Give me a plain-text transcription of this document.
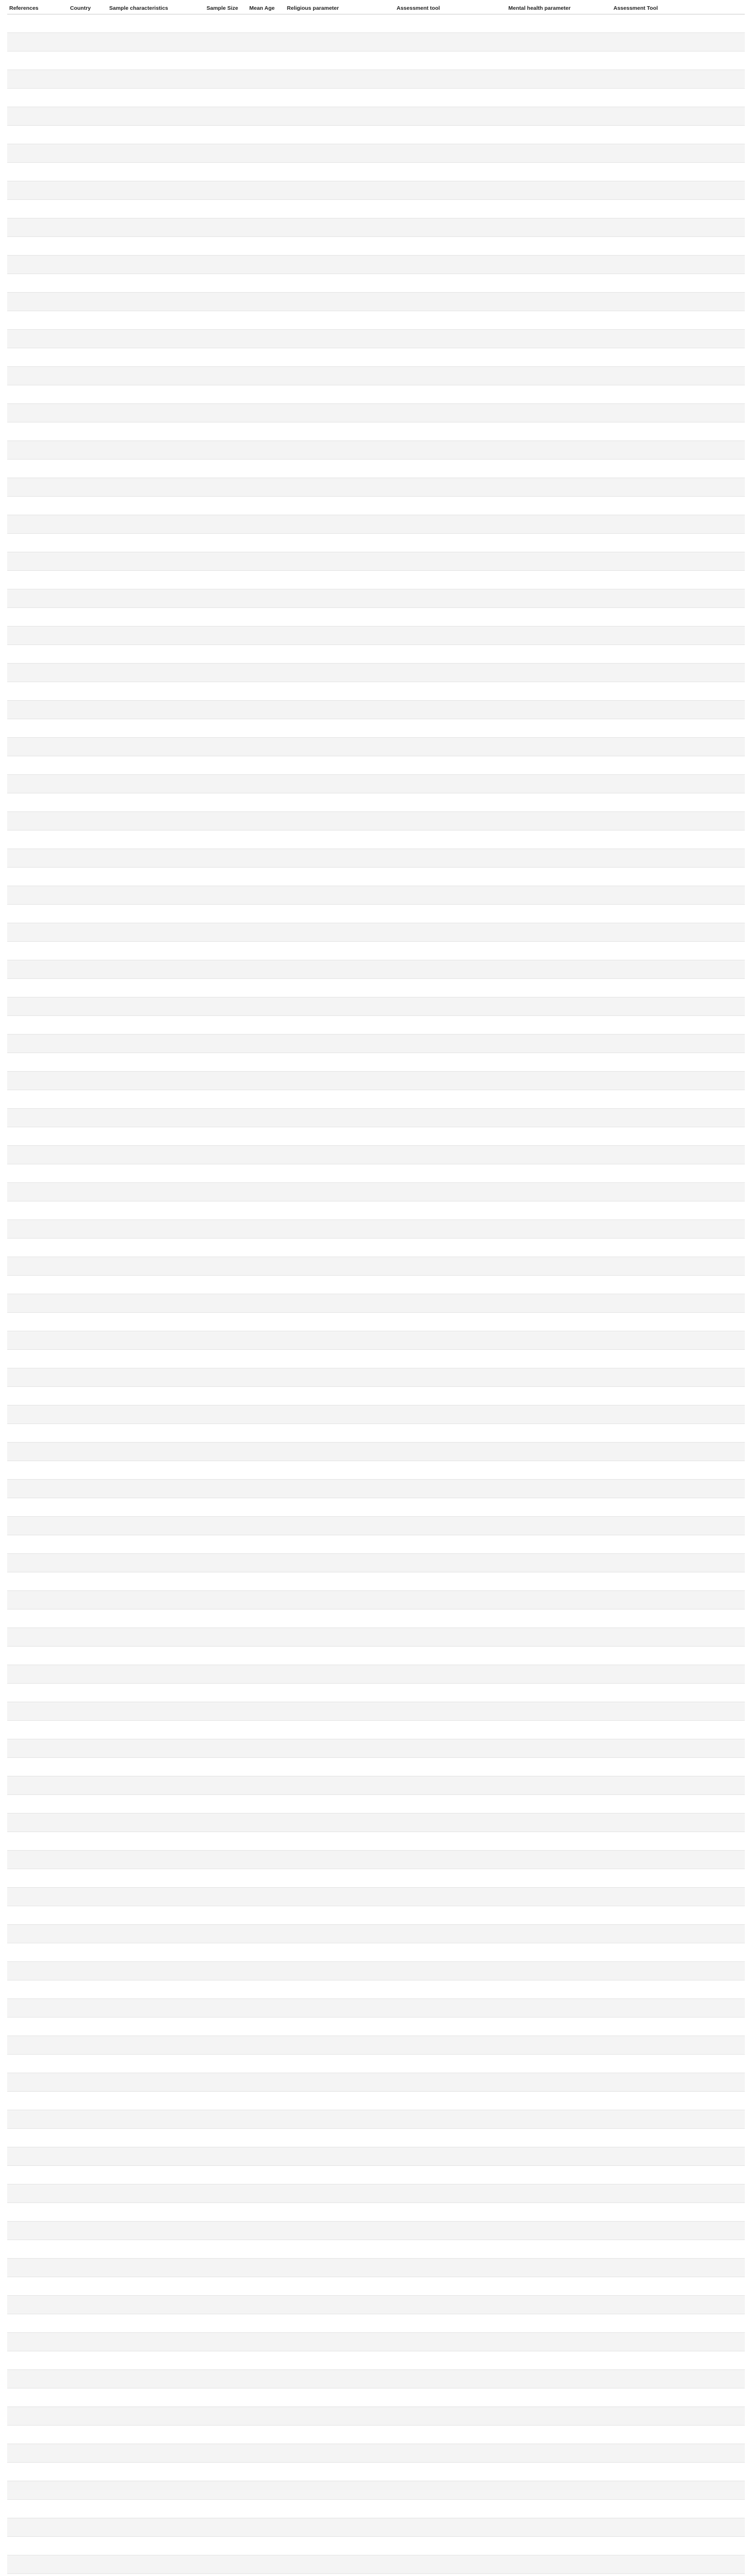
References	Country	Sample characteristics	Sample Size	Mean Age	Religious parameter	Assessment tool	Mental health parameter	Assessment Tool
